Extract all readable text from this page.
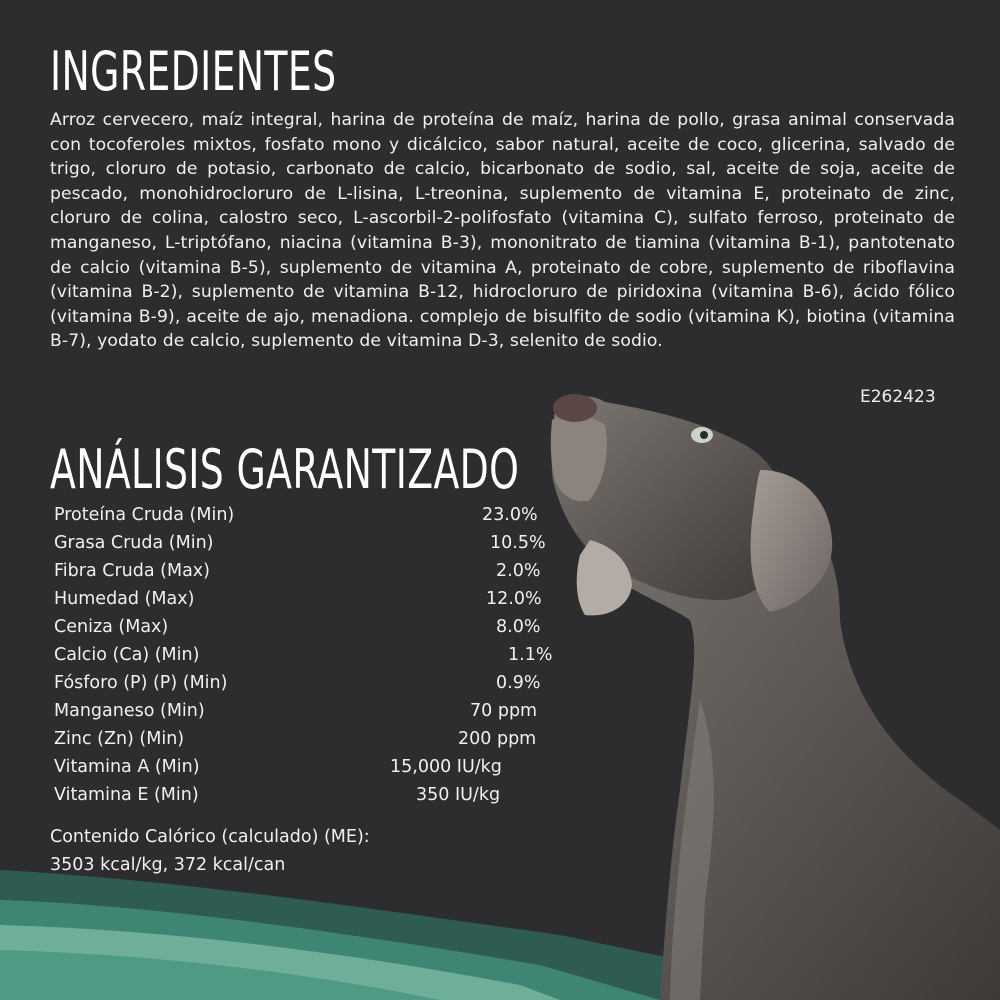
INGREDIENTES
Arroz cervecero, maíz integral, harina de proteína de maíz, harina de pollo, grasa animal conservada con tocoferoles mixtos, fosfato mono y dicálcico, sabor natural, aceite de coco, glicerina, salvado de trigo, cloruro de potasio, carbonato de calcio, bicarbonato de sodio, sal, aceite de soja, aceite de pescado, monohidrocloruro de L-lisina, L-treonina, suplemento de vitamina E, proteinato de zinc, cloruro de colina, calostro seco, L-ascorbil-2-polifosfato (vitamina C), sulfato ferroso, proteinato de manganeso, L-triptófano, niacina (vitamina B-3), mononitrato de tiamina (vitamina B-1), pantotenato de calcio (vitamina B-5), suplemento de vitamina A, proteinato de cobre, suplemento de riboflavina (vitamina B-2), suplemento de vitamina B-12, hidrocloruro de piridoxina (vitamina B-6), ácido fólico (vitamina B-9), aceite de ajo, menadiona. complejo de bisulfito de sodio (vitamina K), biotina (vitamina B-7), yodato de calcio, suplemento de vitamina D-3, selenito de sodio.
E262423
ANÁLISIS GARANTIZADO
Proteína Cruda (Min)	23.0%
Grasa Cruda (Min)	10.5%
Fibra Cruda (Max)	2.0%
Humedad (Max)	12.0%
Ceniza (Max)	8.0%
Calcio (Ca) (Min)	1.1%
Fósforo (P) (P) (Min)	0.9%
Manganeso (Min)	70 ppm
Zinc (Zn) (Min)	200 ppm
Vitamina A (Min)	15,000 IU/kg
Vitamina E (Min)	350 IU/kg
Contenido Calórico (calculado) (ME):
3503 kcal/kg, 372 kcal/can
